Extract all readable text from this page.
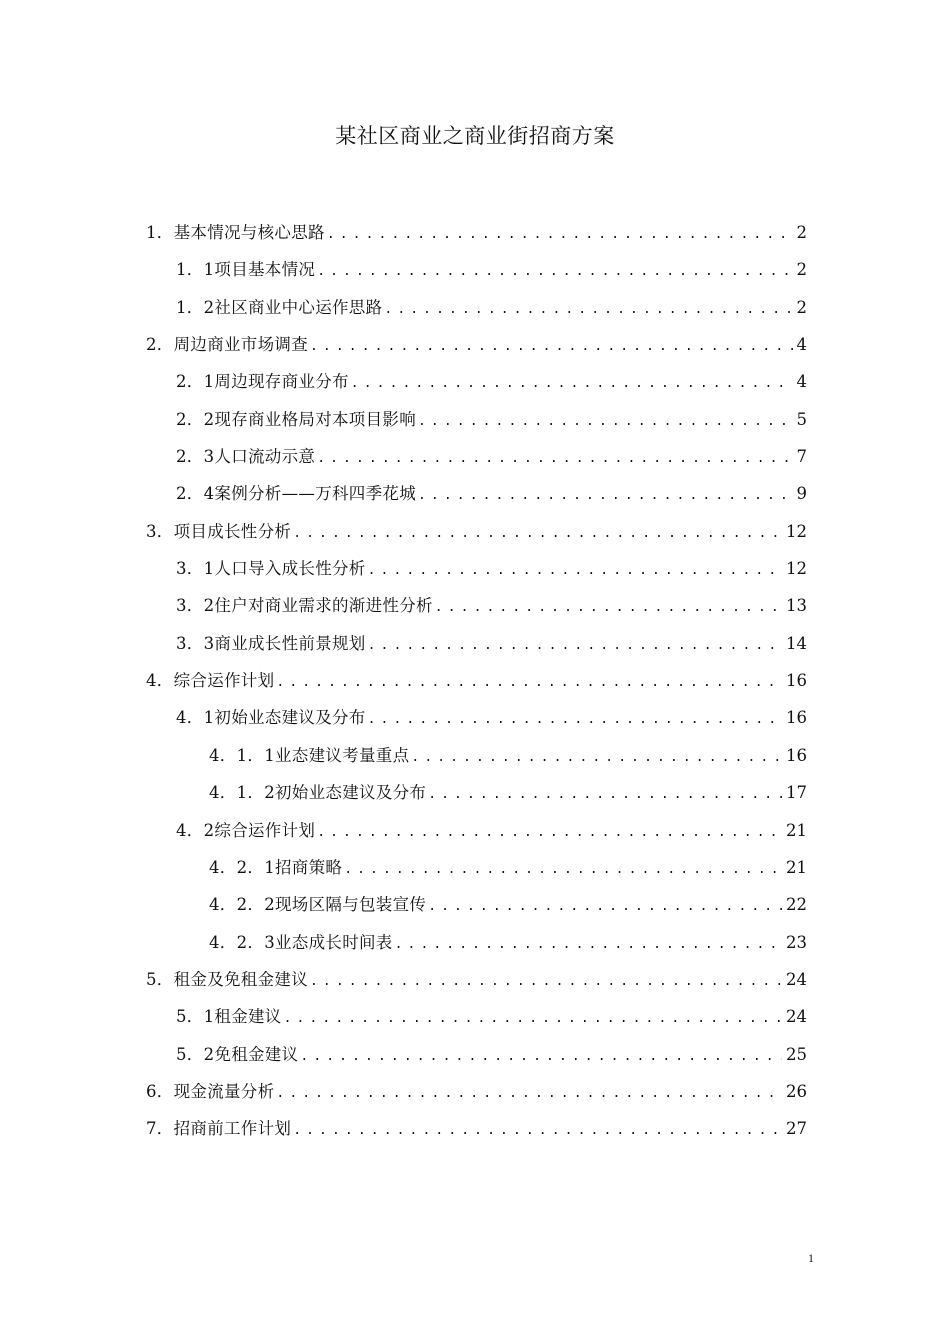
某社区商业之商业街招商方案
1．基本情况与核心思路 .....	2
1．1项目基本情况 .....	2
1．2社区商业中心运作思路 .....	2
2．周边商业市场调查 .....	4
2．1周边现存商业分布 .....	4
2．2现存商业格局对本项目影响 .....	5
2．3人口流动示意 .....	7
2．4案例分析——万科四季花城 .....	9
3．项目成长性分析 .....	12
3．1人口导入成长性分析 .....	12
3．2住户对商业需求的渐进性分析 .....	13
3．3商业成长性前景规划 .....	14
4．综合运作计划 .....	16
4．1初始业态建议及分布 .....	16
4．1．1业态建议考量重点 .....	16
4．1．2初始业态建议及分布 .....	17
4．2综合运作计划 .....	21
4．2．1招商策略 .....	21
4．2．2现场区隔与包装宣传 .....	22
4．2．3业态成长时间表 .....	23
5．租金及免租金建议 .....	24
5．1租金建议 .....	24
5．2免租金建议 .....	25
6．现金流量分析 .....	26
7．招商前工作计划 .....	27
1
